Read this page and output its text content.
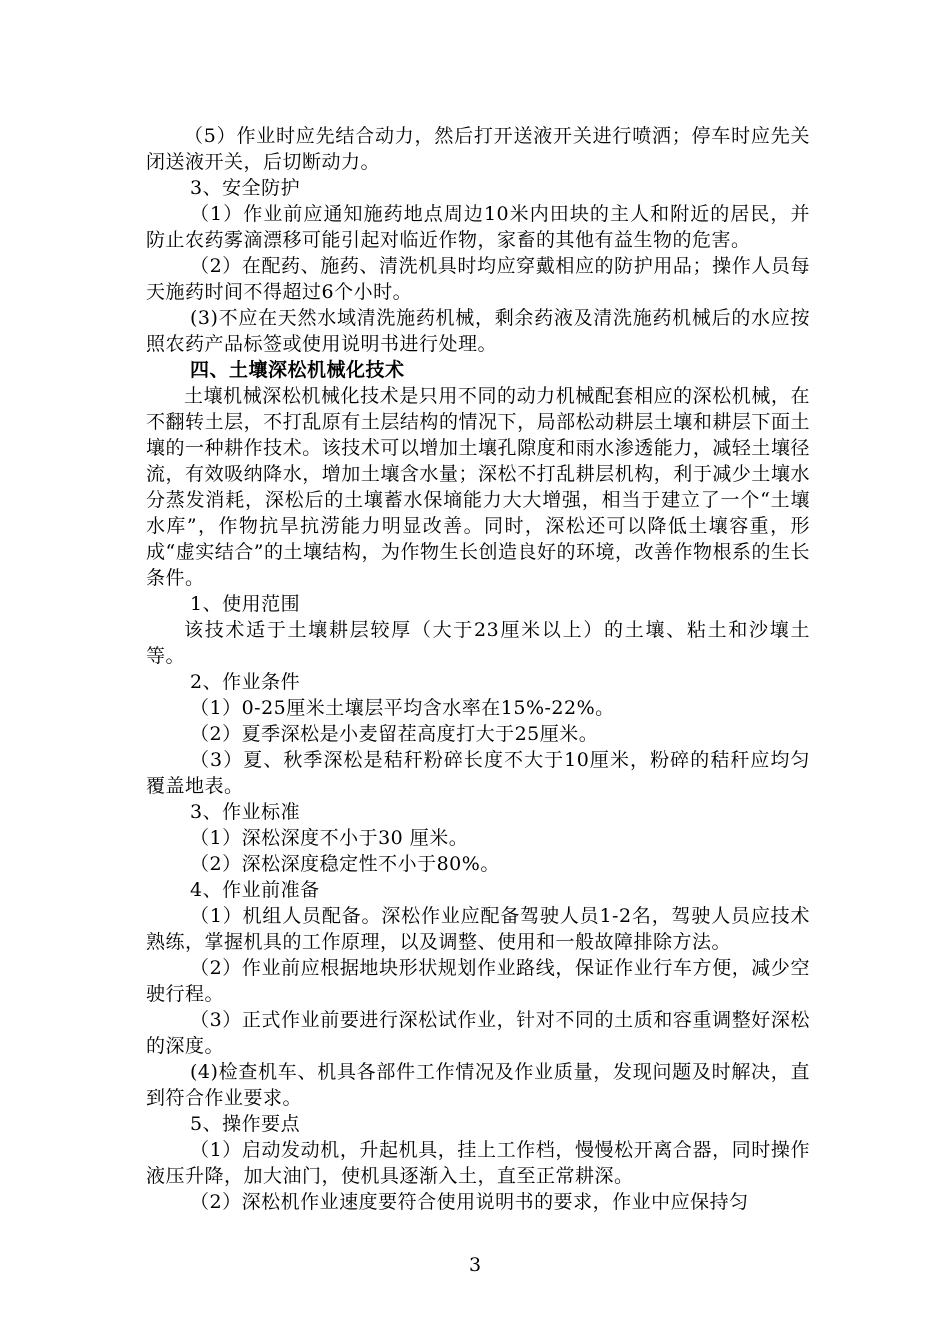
（5）作业时应先结合动力，然后打开送液开关进行喷洒；停车时应先关闭送液开关，后切断动力。

3、安全防护

（1）作业前应通知施药地点周边10米内田块的主人和附近的居民，并防止农药雾滴漂移可能引起对临近作物，家畜的其他有益生物的危害。

（2）在配药、施药、清洗机具时均应穿戴相应的防护用品；操作人员每天施药时间不得超过6个小时。

(3)不应在天然水域清洗施药机械，剩余药液及清洗施药机械后的水应按照农药产品标签或使用说明书进行处理。

四、土壤深松机械化技术

土壤机械深松机械化技术是只用不同的动力机械配套相应的深松机械，在不翻转土层，不打乱原有土层结构的情况下，局部松动耕层土壤和耕层下面土壤的一种耕作技术。该技术可以增加土壤孔隙度和雨水渗透能力，减轻土壤径流，有效吸纳降水，增加土壤含水量；深松不打乱耕层机构，利于减少土壤水分蒸发消耗，深松后的土壤蓄水保墒能力大大增强，相当于建立了一个“土壤水库”，作物抗旱抗涝能力明显改善。同时，深松还可以降低土壤容重，形成“虚实结合”的土壤结构，为作物生长创造良好的环境，改善作物根系的生长条件。

1、使用范围

该技术适于土壤耕层较厚（大于23厘米以上）的土壤、粘土和沙壤土等。

2、作业条件

（1）0-25厘米土壤层平均含水率在15%-22%。

（2）夏季深松是小麦留茬高度打大于25厘米。

（3）夏、秋季深松是秸秆粉碎长度不大于10厘米，粉碎的秸秆应均匀覆盖地表。

3、作业标准

（1）深松深度不小于30 厘米。

（2）深松深度稳定性不小于80%。

4、作业前准备

（1）机组人员配备。深松作业应配备驾驶人员1-2名，驾驶人员应技术熟练，掌握机具的工作原理，以及调整、使用和一般故障排除方法。

（2）作业前应根据地块形状规划作业路线，保证作业行车方便，减少空驶行程。

（3）正式作业前要进行深松试作业，针对不同的土质和容重调整好深松的深度。

(4)检查机车、机具各部件工作情况及作业质量，发现问题及时解决，直到符合作业要求。

5、操作要点

（1）启动发动机，升起机具，挂上工作档，慢慢松开离合器，同时操作液压升降，加大油门，使机具逐渐入土，直至正常耕深。

（2）深松机作业速度要符合使用说明书的要求，作业中应保持匀

3
